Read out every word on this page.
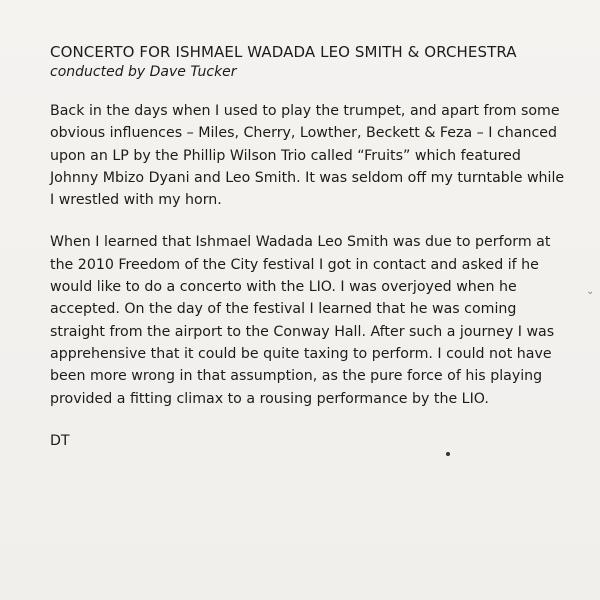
CONCERTO FOR ISHMAEL WADADA LEO SMITH & ORCHESTRA

conducted by Dave Tucker

Back in the days when I used to play the trumpet, and apart from some obvious influences – Miles, Cherry, Lowther, Beckett & Feza – I chanced upon an LP by the Phillip Wilson Trio called “Fruits” which featured Johnny Mbizo Dyani and Leo Smith. It was seldom off my turntable while I wrestled with my horn.

When I learned that Ishmael Wadada Leo Smith was due to perform at the 2010 Freedom of the City festival I got in contact and asked if he would like to do a concerto with the LIO. I was overjoyed when he accepted. On the day of the festival I learned that he was coming straight from the airport to the Conway Hall. After such a journey I was apprehensive that it could be quite taxing to perform. I could not have been more wrong in that assumption, as the pure force of his playing provided a fitting climax to a rousing performance by the LIO.

DT

⌄
